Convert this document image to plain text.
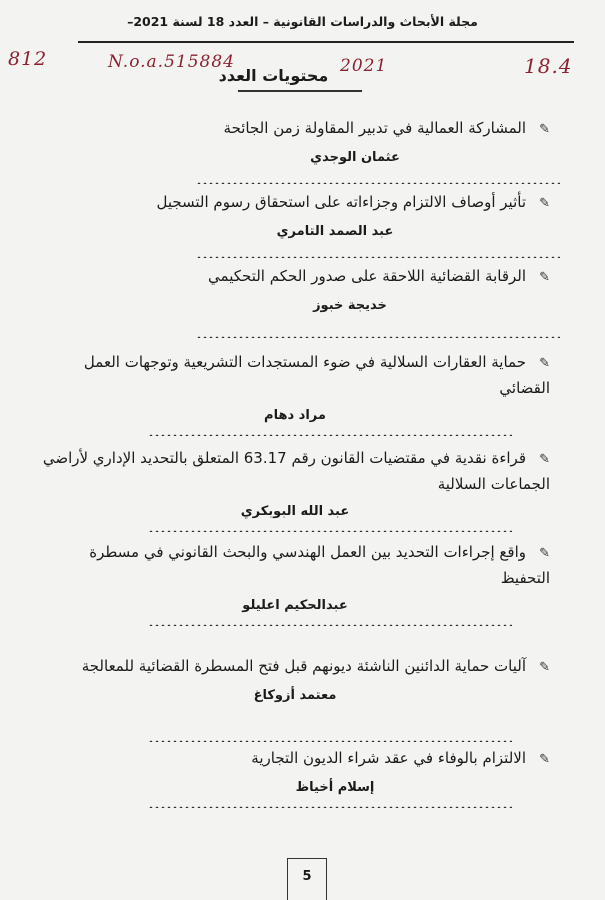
مجلة الأبحاث والدراسات القانونية – العدد 18 لسنة 2021–
812	N.o.a.515884	2021	18.4
محتويات العدد
✎المشاركة العمالية في تدبير المقاولة زمن الجائحة
عثمان الوجدي
✎تأثير أوصاف الالتزام وجزاءاته على استحقاق رسوم التسجيل
عبد الصمد التامري
✎الرقابة القضائية اللاحقة على صدور الحكم التحكيمي
خديجة خبوز
✎حماية العقارات السلالية في ضوء المستجدات التشريعية وتوجهات العمل القضائي
مراد دهام
✎قراءة نقدية في مقتضيات القانون رقم 63.17 المتعلق بالتحديد الإداري لأراضي الجماعات السلالية
عبد الله البوبكري
✎واقع إجراءات التحديد بين العمل الهندسي والبحث القانوني في مسطرة التحفيظ
عبدالحكيم اعليلو
✎آليات حماية الدائنين الناشئة ديونهم قبل فتح المسطرة القضائية للمعالجة
معتمد أزوكاغ
✎الالتزام بالوفاء في عقد شراء الديون التجارية
إسلام أخياظ
5
